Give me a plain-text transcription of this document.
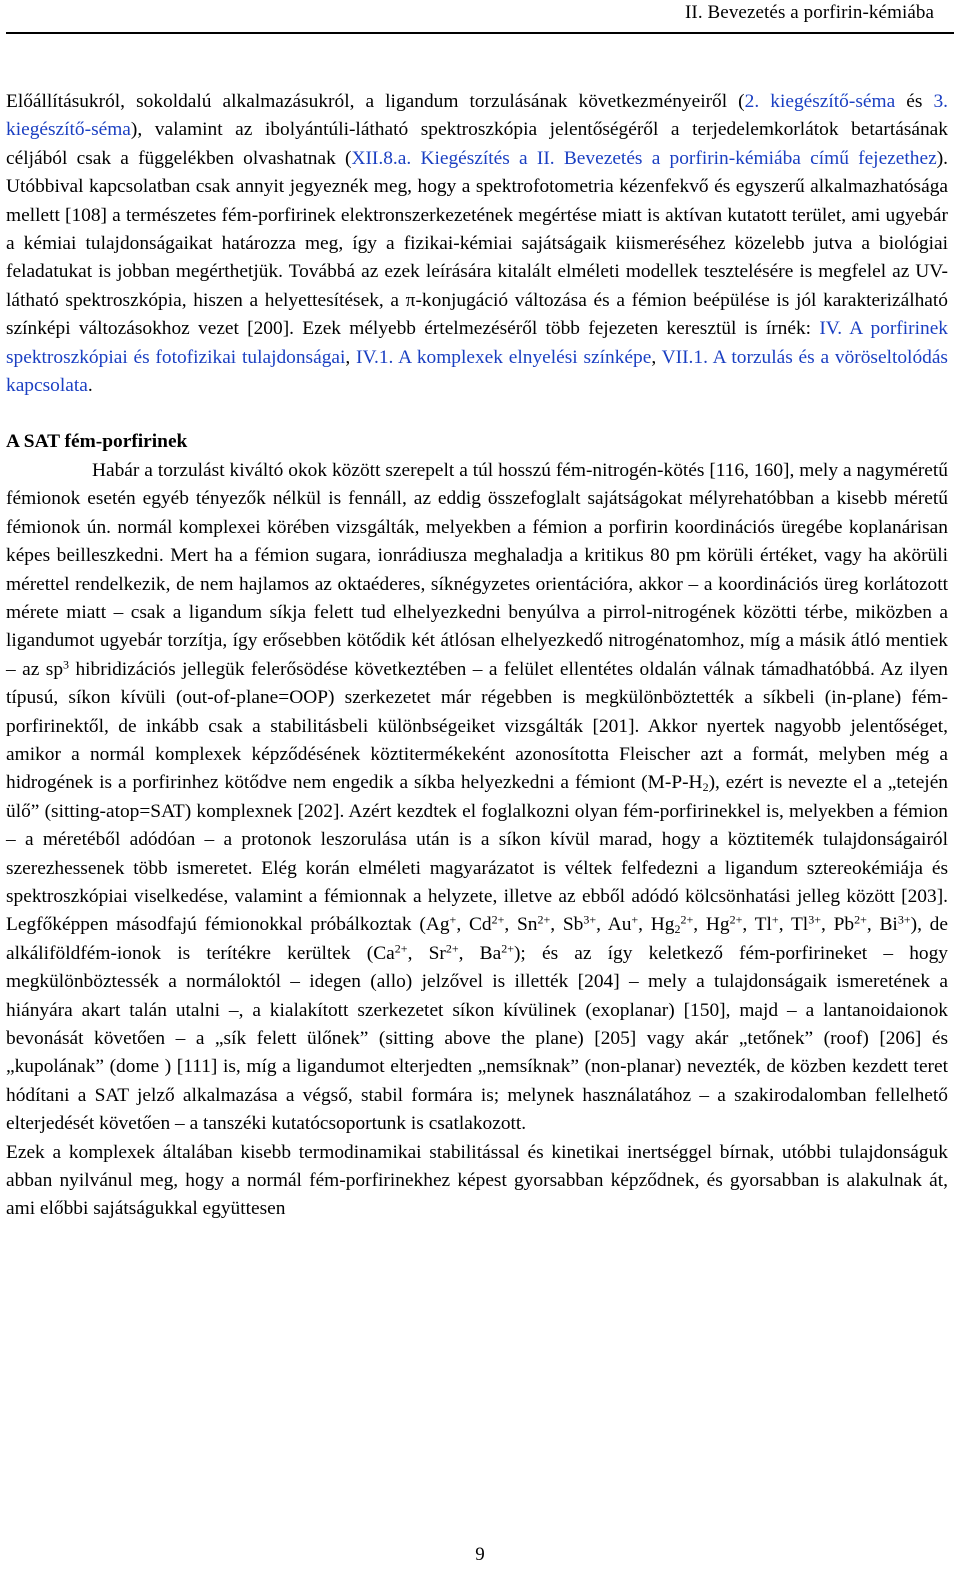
II. Bevezetés a porfirin-kémiába

Előállításukról, sokoldalú alkalmazásukról, a ligandum torzulásának következményeiről (2. kiegészítő-séma és 3. kiegészítő-séma), valamint az ibolyántúli-látható spektroszkópia jelentőségéről a terjedelemkorlátok betartásának céljából csak a függelékben olvashatnak (XII.8.a. Kiegészítés a II. Bevezetés a porfirin-kémiába című fejezethez). Utóbbival kapcsolatban csak annyit jegyeznék meg, hogy a spektrofotometria kézenfekvő és egyszerű alkalmazhatósága mellett [108] a természetes fém-porfirinek elektronszerkezetének megértése miatt is aktívan kutatott terület, ami ugyebár a kémiai tulajdonságaikat határozza meg, így a fizikai-kémiai sajátságaik kiismeréséhez közelebb jutva a biológiai feladatukat is jobban megérthetjük. Továbbá az ezek leírására kitalált elméleti modellek tesztelésére is megfelel az UV-látható spektroszkópia, hiszen a helyettesítések, a π-konjugáció változása és a fémion beépülése is jól karakterizálható színképi változásokhoz vezet [200]. Ezek mélyebb értelmezéséről több fejezeten keresztül is írnék: IV. A porfirinek spektroszkópiai és fotofizikai tulajdonságai, IV.1. A komplexek elnyelési színképe, VII.1. A torzulás és a vöröseltolódás kapcsolata.

A SAT fém-porfirinek

Habár a torzulást kiváltó okok között szerepelt a túl hosszú fém-nitrogén-kötés [116, 160], mely a nagyméretű fémionok esetén egyéb tényezők nélkül is fennáll, az eddig összefoglalt sajátságokat mélyrehatóbban a kisebb méretű fémionok ún. normál komplexei körében vizsgálták, melyekben a fémion a porfirin koordinációs üregébe koplanárisan képes beilleszkedni. Mert ha a fémion sugara, ionrádiusza meghaladja a kritikus 80 pm körüli értéket, vagy ha akörüli mérettel rendelkezik, de nem hajlamos az oktaéderes, síknégyzetes orientációra, akkor – a koordinációs üreg korlátozott mérete miatt – csak a ligandum síkja felett tud elhelyezkedni benyúlva a pirrol-nitrogének közötti térbe, miközben a ligandumot ugyebár torzítja, így erősebben kötődik két átlósan elhelyezkedő nitrogénatomhoz, míg a másik átló mentiek – az $sp^3$ hibridizációs jellegük felerősödése következtében – a felület ellentétes oldalán válnak támadhatóbbá. Az ilyen típusú, síkon kívüli (out-of-plane=OOP) szerkezetet már régebben is megkülönböztették a síkbeli (in-plane) fém-porfirinektől, de inkább csak a stabilitásbeli különbségeiket vizsgálták [201]. Akkor nyertek nagyobb jelentőséget, amikor a normál komplexek képződésének köztitermékeként azonosította Fleischer azt a formát, melyben még a hidrogének is a porfirinhez kötődve nem engedik a síkba helyezkedni a fémiont $(M-P-H_2)$, ezért is nevezte el a „tetején ülő” (sitting-atop=SAT) komplexnek [202]. Azért kezdtek el foglalkozni olyan fém-porfirinekkel is, melyekben a fémion – a méretéből adódóan – a protonok leszorulása után is a síkon kívül marad, hogy a köztitemék tulajdonságairól szerezhessenek több ismeretet. Elég korán elméleti magyarázatot is véltek felfedezni a ligandum sztereokémiája és spektroszkópiai viselkedése, valamint a fémionnak a helyzete, illetve az ebből adódó kölcsönhatási jelleg között [203]. Legfőképpen másodfajú fémionokkal próbálkoztak (Ag+, $Cd^{2+}$, $Sn^{2+}$, $Sb^{3+}$, Au+, $Hg_2^{2+}$, $Hg^{2+}$, Tl+, $Tl^{3+}$, $Pb^{2+}$, $Bi^{3+}$), de alkáliföldfém-ionok is terítékre kerültek ($Ca^{2+}$, $Sr^{2+}$, $Ba^{2+}$); és az így keletkező fém-porfirineket – hogy megkülönböztessék a normáloktól – idegen (allo) jelzővel is illették [204] – mely a tulajdonságaik ismeretének a hiányára akart talán utalni –, a kialakított szerkezetet síkon kívülinek (exoplanar) [150], majd – a lantanoidaionok bevonását követően – a „sík felett ülőnek” (sitting above the plane) [205] vagy akár „tetőnek” (roof) [206] és „kupolának” (dome ) [111] is, míg a ligandumot elterjedten „nemsíknak” (non-planar) nevezték, de közben kezdett teret hódítani a SAT jelző alkalmazása a végső, stabil formára is; melynek használatához – a szakirodalomban fellelhető elterjedését követően – a tanszéki kutatócsoportunk is csatlakozott.

Ezek a komplexek általában kisebb termodinamikai stabilitással és kinetikai inertséggel bírnak, utóbbi tulajdonságuk abban nyilvánul meg, hogy a normál fém-porfirinekhez képest gyorsabban képződnek, és gyorsabban is alakulnak át, ami előbbi sajátságukkal együttesen

9
